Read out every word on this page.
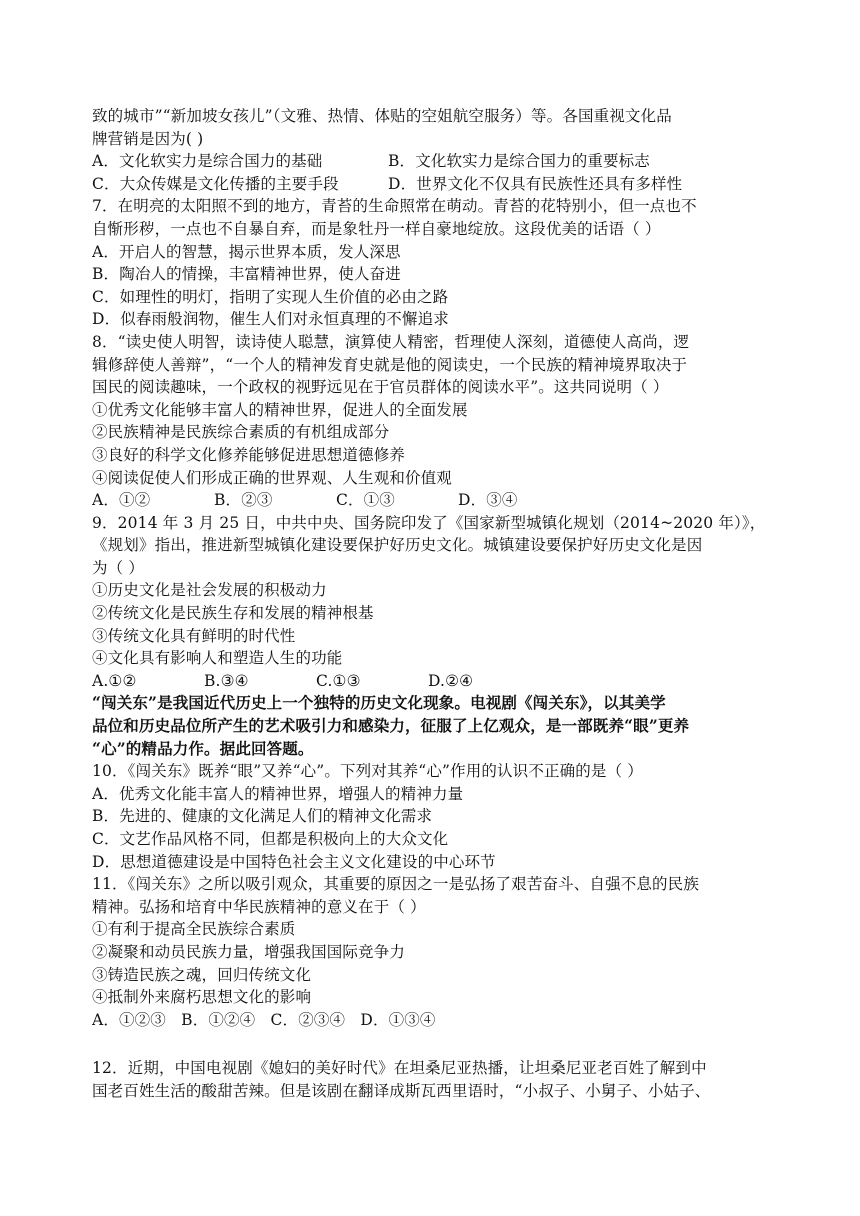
致的城市”“新加坡女孩儿”（文雅、热情、体贴的空姐航空服务）等。各国重视文化品
牌营销是因为( )
A．文化软实力是综合国力的基础	B．文化软实力是综合国力的重要标志
C．大众传媒是文化传播的主要手段	D．世界文化不仅具有民族性还具有多样性
7．在明亮的太阳照不到的地方，青苔的生命照常在萌动。青苔的花特别小，但一点也不
自惭形秽，一点也不自暴自弃，而是象牡丹一样自豪地绽放。这段优美的话语（ ）
A．开启人的智慧，揭示世界本质，发人深思
B．陶冶人的情操，丰富精神世界，使人奋进
C．如理性的明灯，指明了实现人生价值的必由之路
D．似春雨般润物，催生人们对永恒真理的不懈追求
8．“读史使人明智，读诗使人聪慧，演算使人精密，哲理使人深刻，道德使人高尚，逻
辑修辞使人善辩”，“一个人的精神发育史就是他的阅读史，一个民族的精神境界取决于
国民的阅读趣味，一个政权的视野远见在于官员群体的阅读水平”。这共同说明（ ）
①优秀文化能够丰富人的精神世界，促进人的全面发展
②民族精神是民族综合素质的有机组成部分
③良好的科学文化修养能够促进思想道德修养
④阅读促使人们形成正确的世界观、人生观和价值观
A．①②	B．②③	C．①③	D．③④
9．2014 年 3 月 25 日，中共中央、国务院印发了《国家新型城镇化规划（2014~2020 年）》，
《规划》指出，推进新型城镇化建设要保护好历史文化。城镇建设要保护好历史文化是因
为（ ）
①历史文化是社会发展的积极动力
②传统文化是民族生存和发展的精神根基
③传统文化具有鲜明的时代性
④文化具有影响人和塑造人生的功能
A.①②	B.③④	C.①③	D.②④
“闯关东”是我国近代历史上一个独特的历史文化现象。电视剧《闯关东》，以其美学
品位和历史品位所产生的艺术吸引力和感染力，征服了上亿观众，是一部既养“眼”更养
“心”的精品力作。据此回答题。
10．《闯关东》既养“眼”又养“心”。下列对其养“心”作用的认识不正确的是（ ）
A．优秀文化能丰富人的精神世界，增强人的精神力量
B．先进的、健康的文化满足人们的精神文化需求
C．文艺作品风格不同，但都是积极向上的大众文化
D．思想道德建设是中国特色社会主义文化建设的中心环节
11．《闯关东》之所以吸引观众，其重要的原因之一是弘扬了艰苦奋斗、自强不息的民族
精神。弘扬和培育中华民族精神的意义在于（ ）
①有利于提高全民族综合素质
②凝聚和动员民族力量，增强我国国际竞争力
③铸造民族之魂，回归传统文化
④抵制外来腐朽思想文化的影响
A．①②③   B．①②④   C．②③④   D．①③④
12．近期，中国电视剧《媳妇的美好时代》在坦桑尼亚热播，让坦桑尼亚老百姓了解到中
国老百姓生活的酸甜苦辣。但是该剧在翻译成斯瓦西里语时，“小叔子、小舅子、小姑子、
